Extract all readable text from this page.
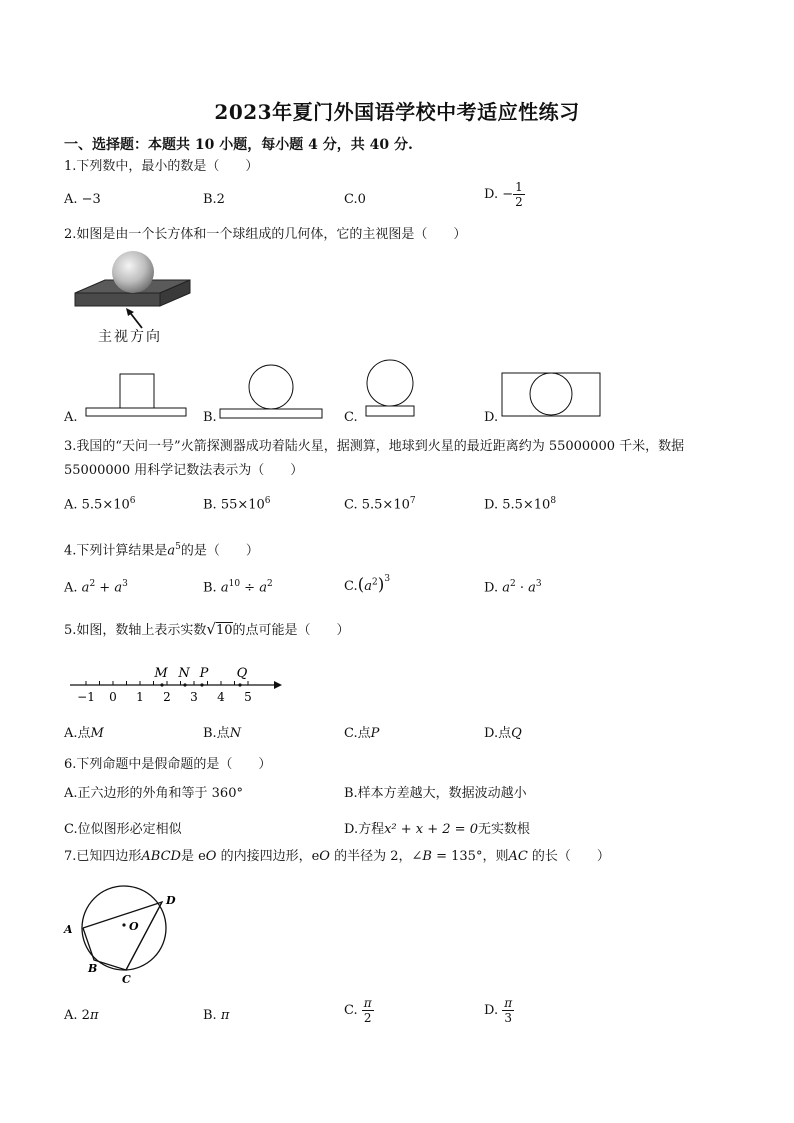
2023年夏门外国语学校中考适应性练习
一、选择题：本题共 10 小题，每小题 4 分，共 40 分.
1.下列数中，最小的数是（　　）
A. −3	B.2	C.0	D. − $\frac{1}{2}$
2.如图是由一个长方体和一个球组成的几何体，它的主视图是（　　）
主视方向
A.	B.	C.	D.
3.我国的“天问一号”火箭探测器成功着陆火星，据测算，地球到火星的最近距离约为 55000000 千米，数据
55000000 用科学记数法表示为（　　）
A. $5.5\times 10^6$	B. $55\times 10^6$	C. $5.5\times 10^7$	D. $5.5\times 10^8$
4.下列计算结果是$a^5$的是（　　）
A. $a^2 + a^3$	B. $a^{10} \div a^2$	$C.(a^2)^3$
D. $a^2 \cdot a^3$
5.如图，数轴上表示实数√10的点可能是（　　）
−1 0 1 2 3 4 5
M N P Q
A.点M	B.点N	C.点P	D.点Q
6.下列命题中是假命题的是（　　）
A.正六边形的外角和等于 360°	B.样本方差越大，数据波动越小
C.位似图形必定相似	D.方程x² + x + 2 = 0无实数根
7.已知四边形ABCD是 eO 的内接四边形，eO 的半径为 2，∠B = 135°，则AC 的长（　　）
A
B
C
D
O
A. 2π	B. π	C. $\frac{\pi}{2}$	D. $\frac{\pi}{3}$
